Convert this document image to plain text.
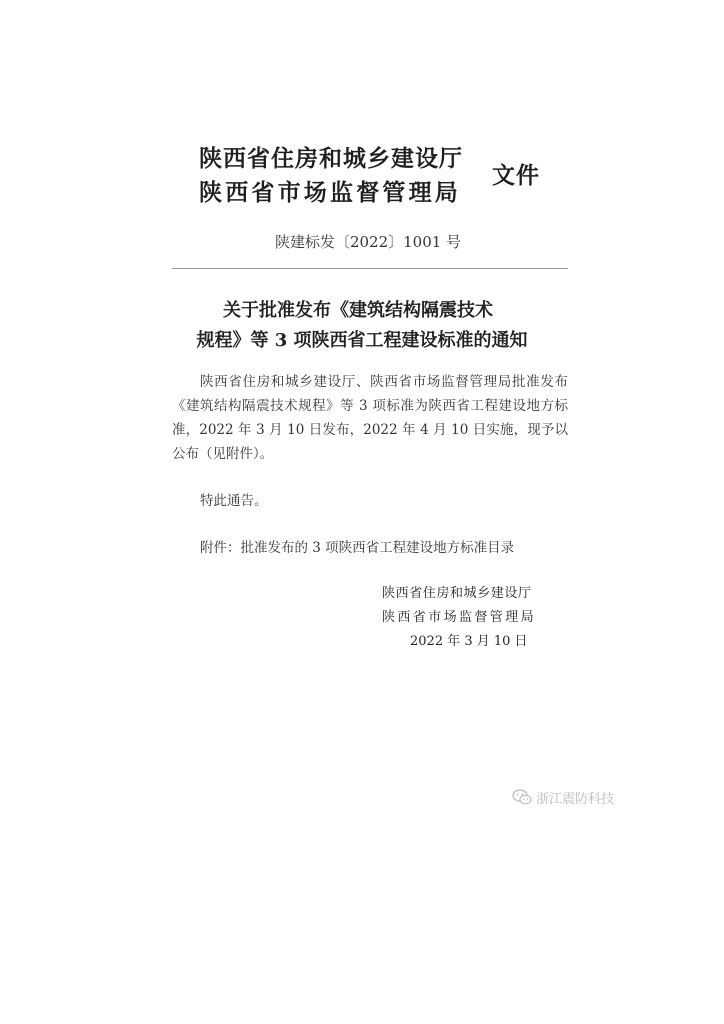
陕西省住房和城乡建设厅
陕西省市场监督管理局
文件
陕建标发〔2022〕1001 号
关于批准发布《建筑结构隔震技术
规程》等 3 项陕西省工程建设标准的通知

陕西省住房和城乡建设厅、陕西省市场监督管理局批准发布《建筑结构隔震技术规程》等 3 项标准为陕西省工程建设地方标准，2022 年 3 月 10 日发布，2022 年 4 月 10 日实施，现予以公布（见附件）。

特此通告。
附件：批准发布的 3 项陕西省工程建设地方标准目录
陕西省住房和城乡建设厅
陕西省市场监督管理局
2022 年 3 月 10 日
浙江震防科技
